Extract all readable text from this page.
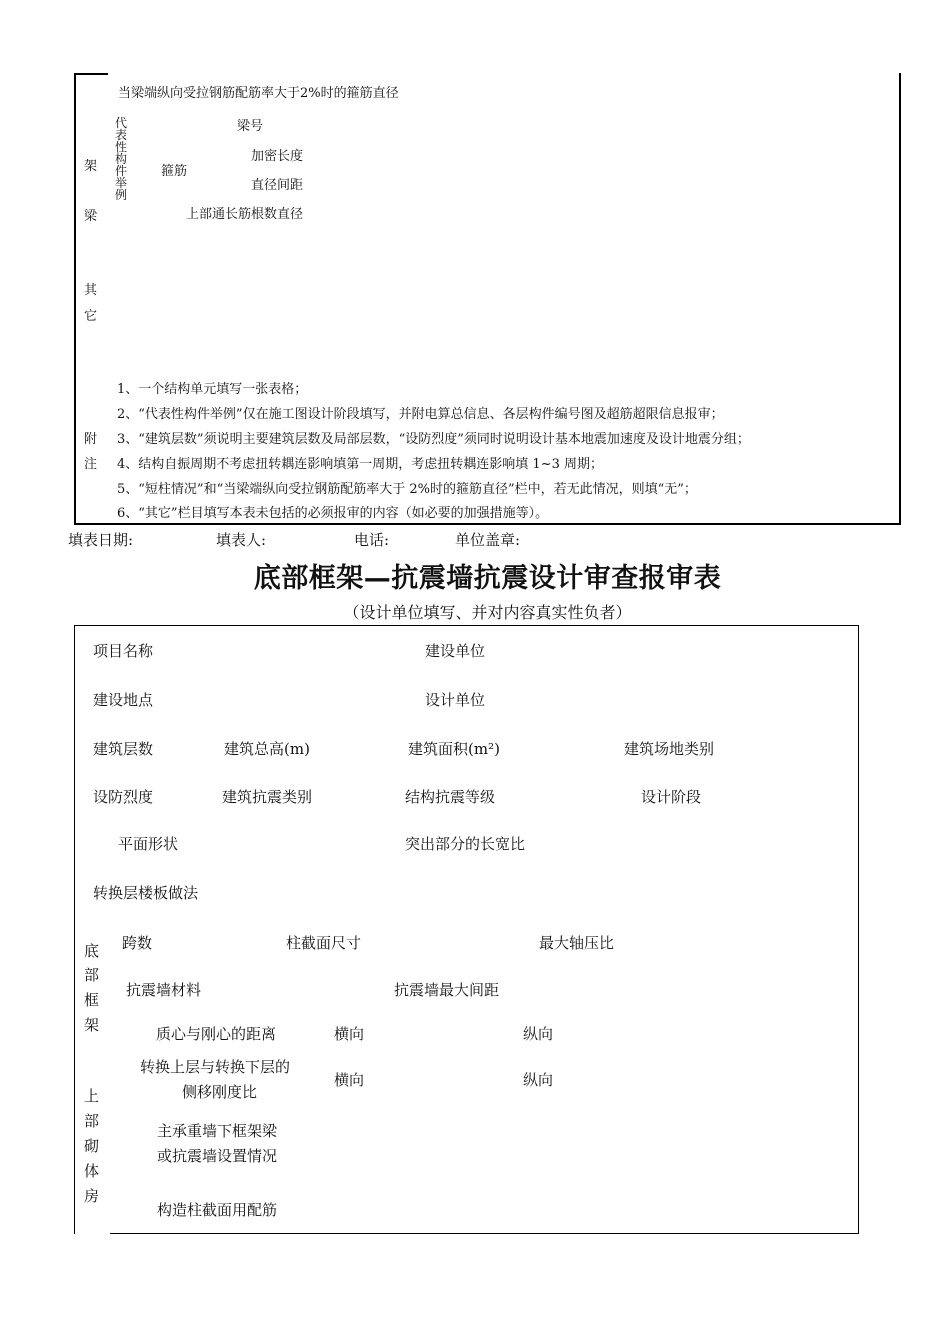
当梁端纵向受拉钢筋配筋率大于2%时的箍筋直径
架
梁
代表性构件举例
梁号
箍筋
加密长度
直径间距
上部通长筋根数直径
其
它
附
注
1、一个结构单元填写一张表格；
2、“代表性构件举例”仅在施工图设计阶段填写，并附电算总信息、各层构件编号图及超筋超限信息报审；
3、“建筑层数”须说明主要建筑层数及局部层数，“设防烈度”须同时说明设计基本地震加速度及设计地震分组；
4、结构自振周期不考虑扭转耦连影响填第一周期，考虑扭转耦连影响填 1~3 周期；
5、“短柱情况”和“当梁端纵向受拉钢筋配筋率大于 2%时的箍筋直径”栏中，若无此情况，则填“无”；
6、“其它”栏目填写本表未包括的必须报审的内容（如必要的加强措施等）。
填表日期:	填表人:	电话:	单位盖章:
底部框架—抗震墙抗震设计审查报审表
（设计单位填写、并对内容真实性负者）
项目名称	建设单位
建设地点	设计单位
建筑层数	建筑总高(m)	建筑面积(m²)	建筑场地类别
设防烈度	建筑抗震类别	结构抗震等级	设计阶段
平面形状	突出部分的长宽比
转换层楼板做法
底
部
框
架
跨数	柱截面尺寸	最大轴压比
抗震墙材料	抗震墙最大间距
质心与刚心的距离	横向	纵向
转换上层与转换下层的
侧移刚度比
横向	纵向
上
部
砌
体
房
主承重墙下框架梁
或抗震墙设置情况
构造柱截面用配筋
